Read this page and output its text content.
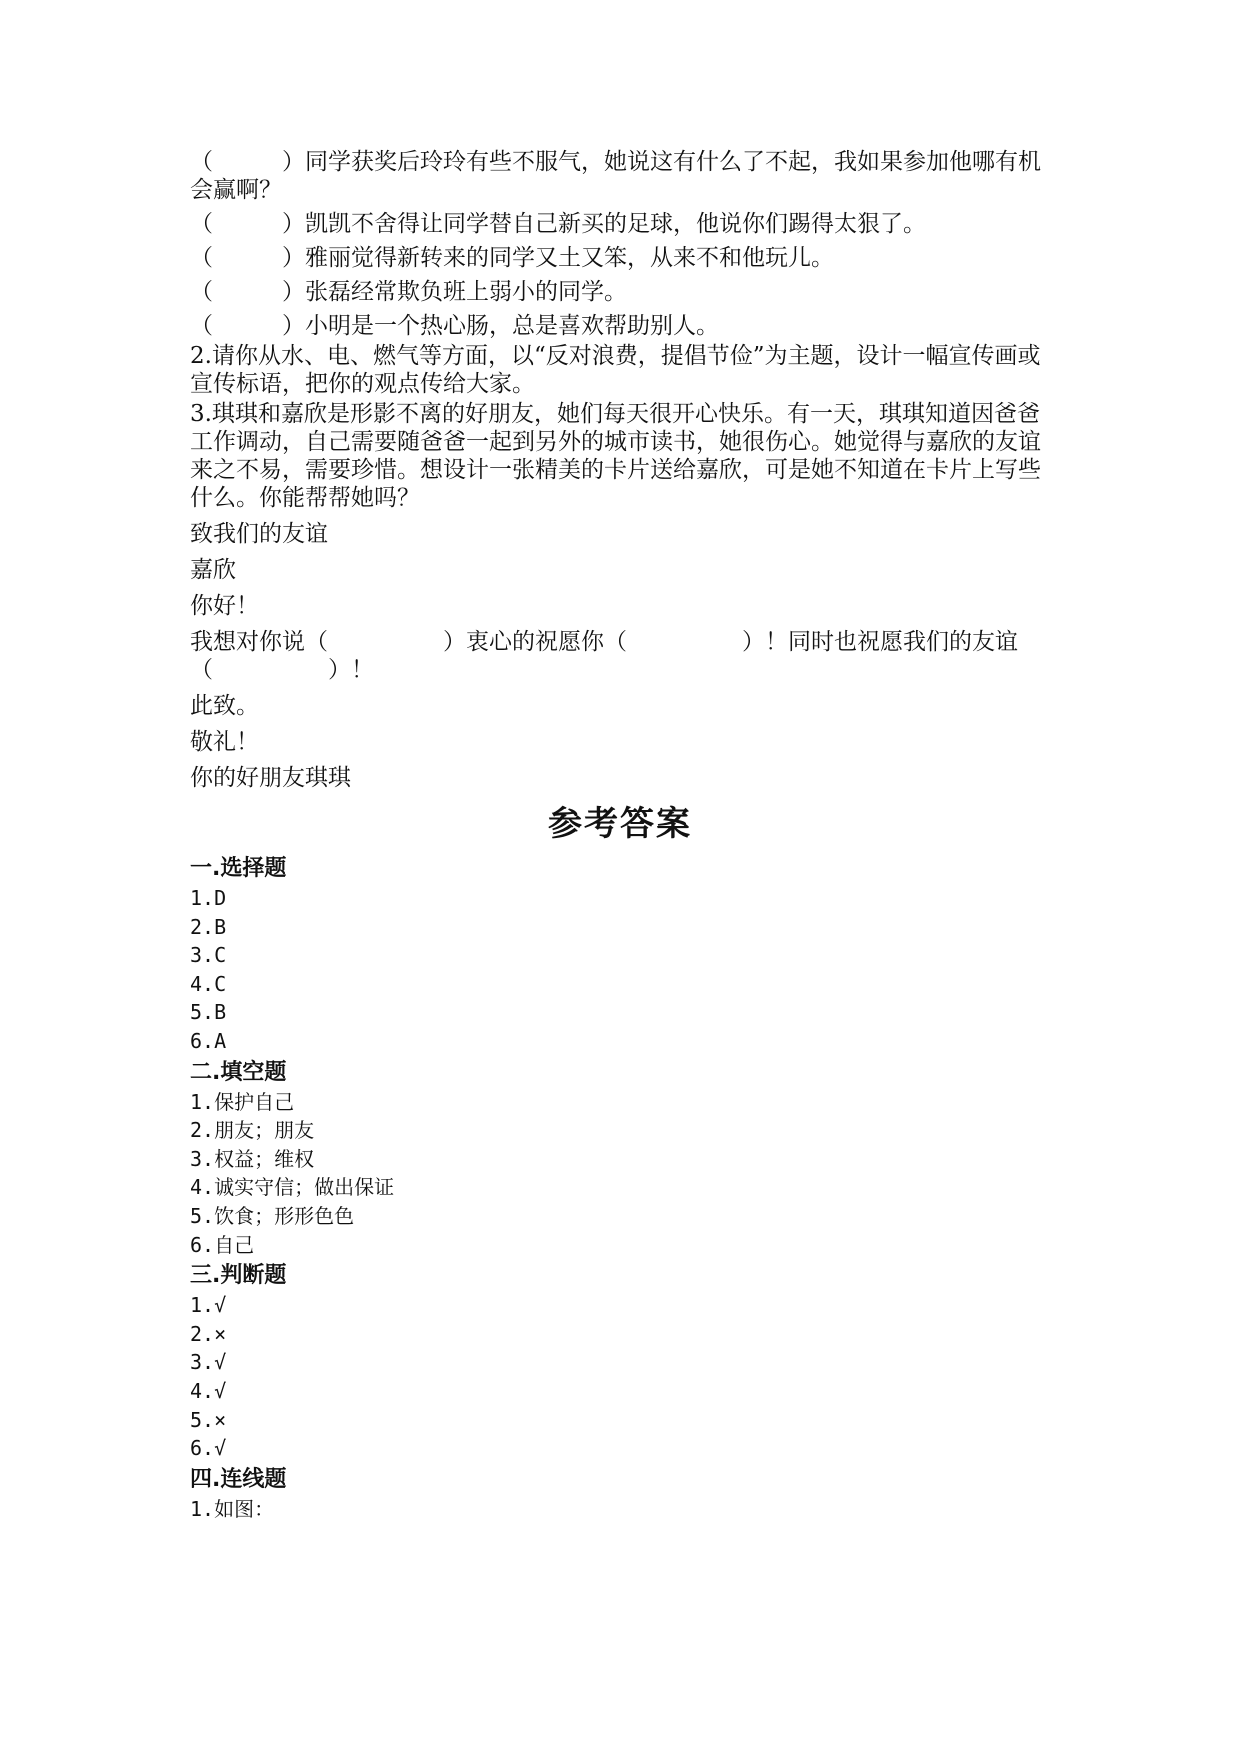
（　　　）同学获奖后玲玲有些不服气，她说这有什么了不起，我如果参加他哪有机会赢啊？

（　　　）凯凯不舍得让同学替自己新买的足球，他说你们踢得太狠了。

（　　　）雅丽觉得新转来的同学又土又笨，从来不和他玩儿。

（　　　）张磊经常欺负班上弱小的同学。

（　　　）小明是一个热心肠，总是喜欢帮助别人。

2.请你从水、电、燃气等方面，以“反对浪费，提倡节俭”为主题，设计一幅宣传画或宣传标语，把你的观点传给大家。

3.琪琪和嘉欣是形影不离的好朋友，她们每天很开心快乐。有一天，琪琪知道因爸爸工作调动，自己需要随爸爸一起到另外的城市读书，她很伤心。她觉得与嘉欣的友谊来之不易，需要珍惜。想设计一张精美的卡片送给嘉欣，可是她不知道在卡片上写些什么。你能帮帮她吗？

致我们的友谊

嘉欣

你好！

我想对你说（　　　　　）衷心的祝愿你（　　　　　）！同时也祝愿我们的友谊（　　　　　）！

此致。

敬礼！

你的好朋友琪琪

参考答案
一.选择题
1.D
2.B
3.C
4.C
5.B
6.A
二.填空题
1.保护自己
2.朋友；朋友
3.权益；维权
4.诚实守信；做出保证
5.饮食；形形色色
6.自己
三.判断题
1.√
2.×
3.√
4.√
5.×
6.√
四.连线题
1.如图：
